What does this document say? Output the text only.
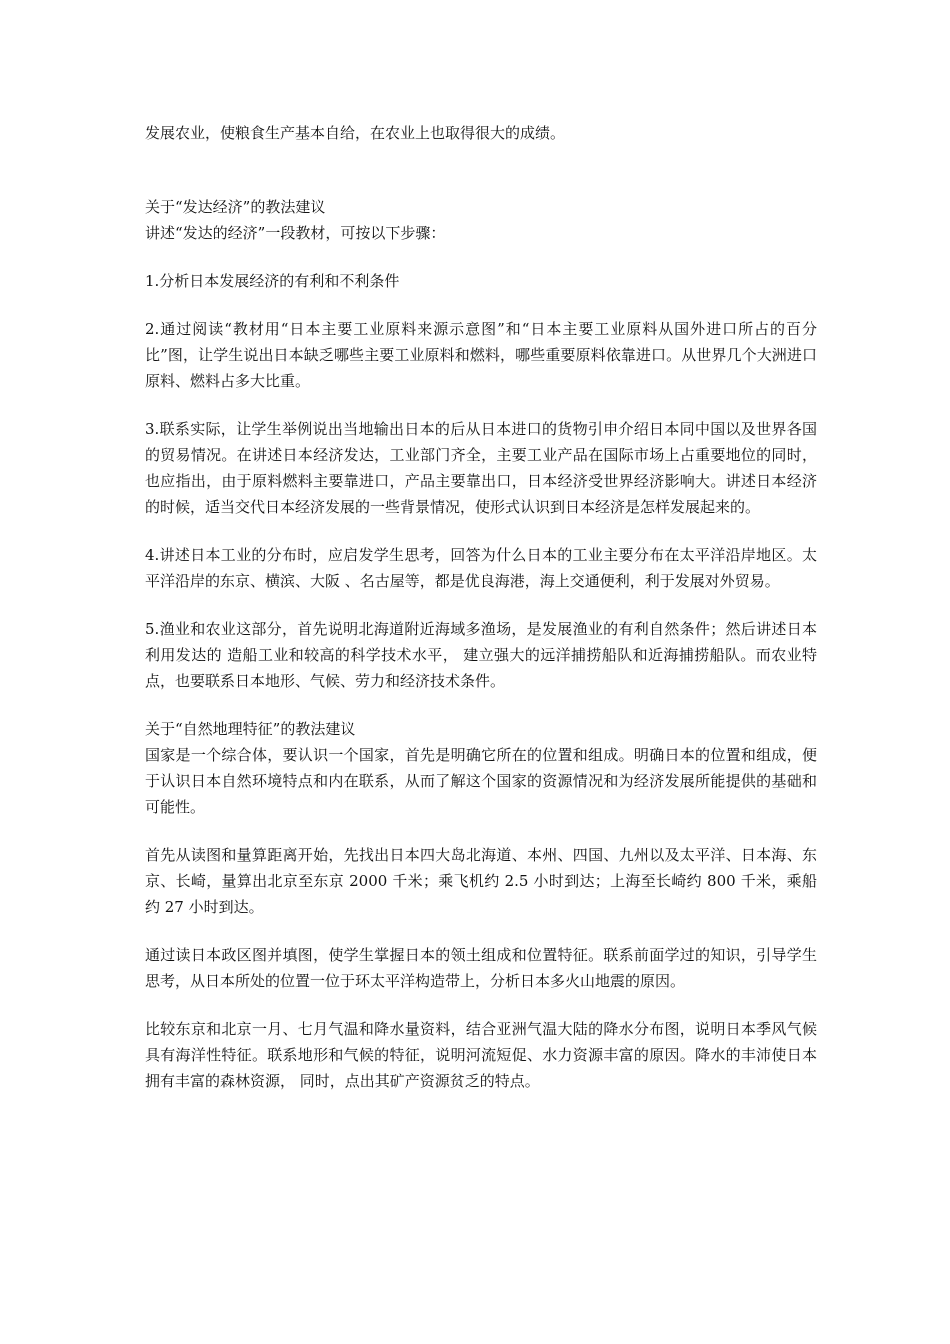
发展农业，使粮食生产基本自给，在农业上也取得很大的成绩。

关于“发达经济”的教法建议

讲述“发达的经济”一段教材，可按以下步骤：

1.分析日本发展经济的有利和不利条件

2.通过阅读“教材用“日本主要工业原料来源示意图”和“日本主要工业原料从国外进口所占的百分比”图，让学生说出日本缺乏哪些主要工业原料和燃料，哪些重要原料依靠进口。从世界几个大洲进口原料、燃料占多大比重。

3.联系实际，让学生举例说出当地输出日本的后从日本进口的货物引申介绍日本同中国以及世界各国的贸易情况。在讲述日本经济发达，工业部门齐全，主要工业产品在国际市场上占重要地位的同时，也应指出，由于原料燃料主要靠进口，产品主要靠出口，日本经济受世界经济影响大。讲述日本经济的时候，适当交代日本经济发展的一些背景情况，使形式认识到日本经济是怎样发展起来的。

4.讲述日本工业的分布时，应启发学生思考，回答为什么日本的工业主要分布在太平洋沿岸地区。太平洋沿岸的东京、横滨、大阪 、名古屋等，都是优良海港，海上交通便利，利于发展对外贸易。

5.渔业和农业这部分，首先说明北海道附近海域多渔场，是发展渔业的有利自然条件；然后讲述日本利用发达的 造船工业和较高的科学技术水平， 建立强大的远洋捕捞船队和近海捕捞船队。而农业特点，也要联系日本地形、气候、劳力和经济技术条件。

关于“自然地理特征”的教法建议

国家是一个综合体，要认识一个国家，首先是明确它所在的位置和组成。明确日本的位置和组成，便于认识日本自然环境特点和内在联系，从而了解这个国家的资源情况和为经济发展所能提供的基础和可能性。

首先从读图和量算距离开始，先找出日本四大岛北海道、本州、四国、九州以及太平洋、日本海、东京、长崎，量算出北京至东京 2000 千米；乘飞机约 2.5 小时到达；上海至长崎约 800 千米，乘船约 27 小时到达。

通过读日本政区图并填图，使学生掌握日本的领土组成和位置特征。联系前面学过的知识，引导学生思考，从日本所处的位置一位于环太平洋构造带上，分析日本多火山地震的原因。

比较东京和北京一月、七月气温和降水量资料，结合亚洲气温大陆的降水分布图，说明日本季风气候具有海洋性特征。联系地形和气候的特征，说明河流短促、水力资源丰富的原因。降水的丰沛使日本拥有丰富的森林资源， 同时，点出其矿产资源贫乏的特点。
